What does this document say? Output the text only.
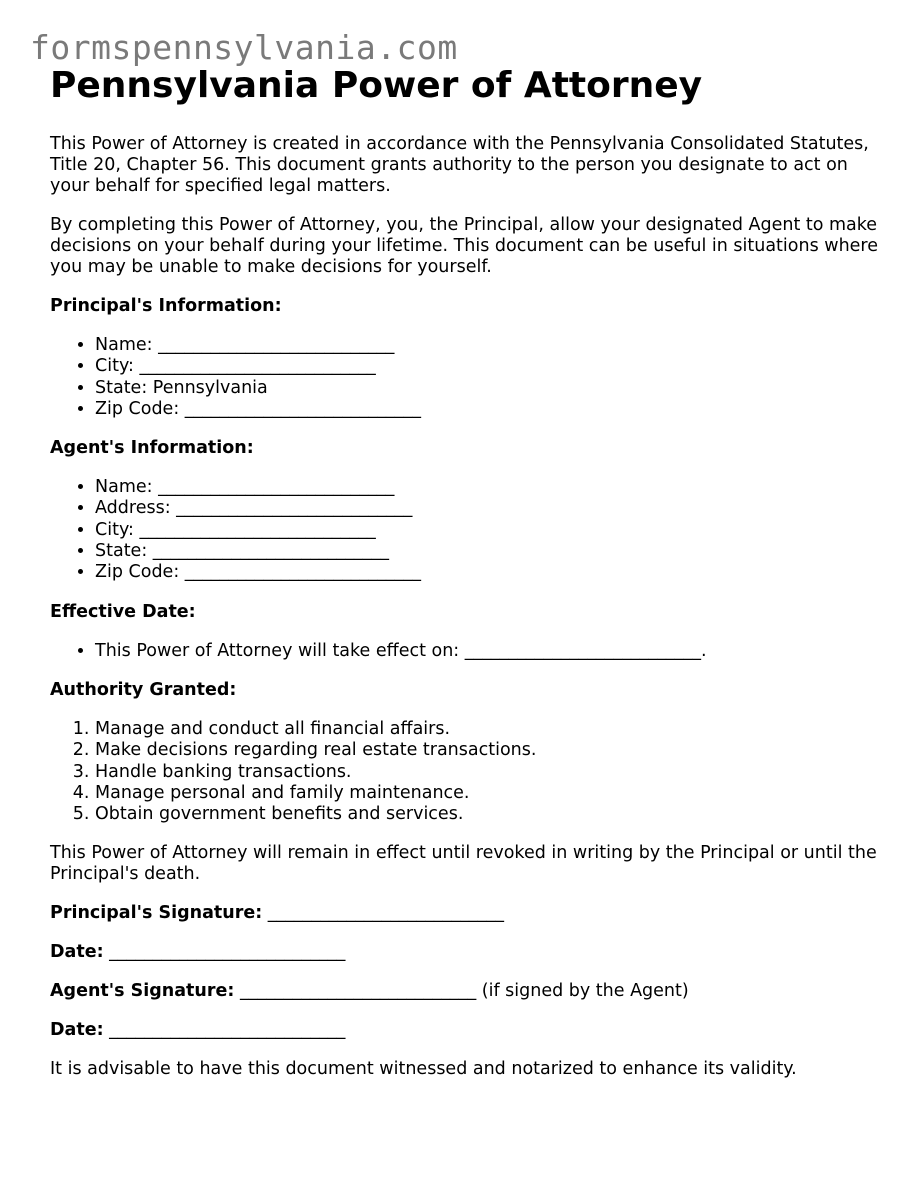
formspennsylvania.com
Pennsylvania Power of Attorney

This Power of Attorney is created in accordance with the Pennsylvania Consolidated Statutes, Title 20, Chapter 56. This document grants authority to the person you designate to act on your behalf for specified legal matters.

By completing this Power of Attorney, you, the Principal, allow your designated Agent to make decisions on your behalf during your lifetime. This document can be useful in situations where you may be unable to make decisions for yourself.

Principal's Information:

• Name: ___________________________
• City: ___________________________
• State: Pennsylvania
• Zip Code: ___________________________

Agent's Information:

• Name: ___________________________
• Address: ___________________________
• City: ___________________________
• State: ___________________________
• Zip Code: ___________________________

Effective Date:

• This Power of Attorney will take effect on: ___________________________.

Authority Granted:

1. Manage and conduct all financial affairs.
2. Make decisions regarding real estate transactions.
3. Handle banking transactions.
4. Manage personal and family maintenance.
5. Obtain government benefits and services.

This Power of Attorney will remain in effect until revoked in writing by the Principal or until the Principal's death.

Principal's Signature: ___________________________

Date: ___________________________

Agent's Signature: ___________________________ (if signed by the Agent)

Date: ___________________________

It is advisable to have this document witnessed and notarized to enhance its validity.
